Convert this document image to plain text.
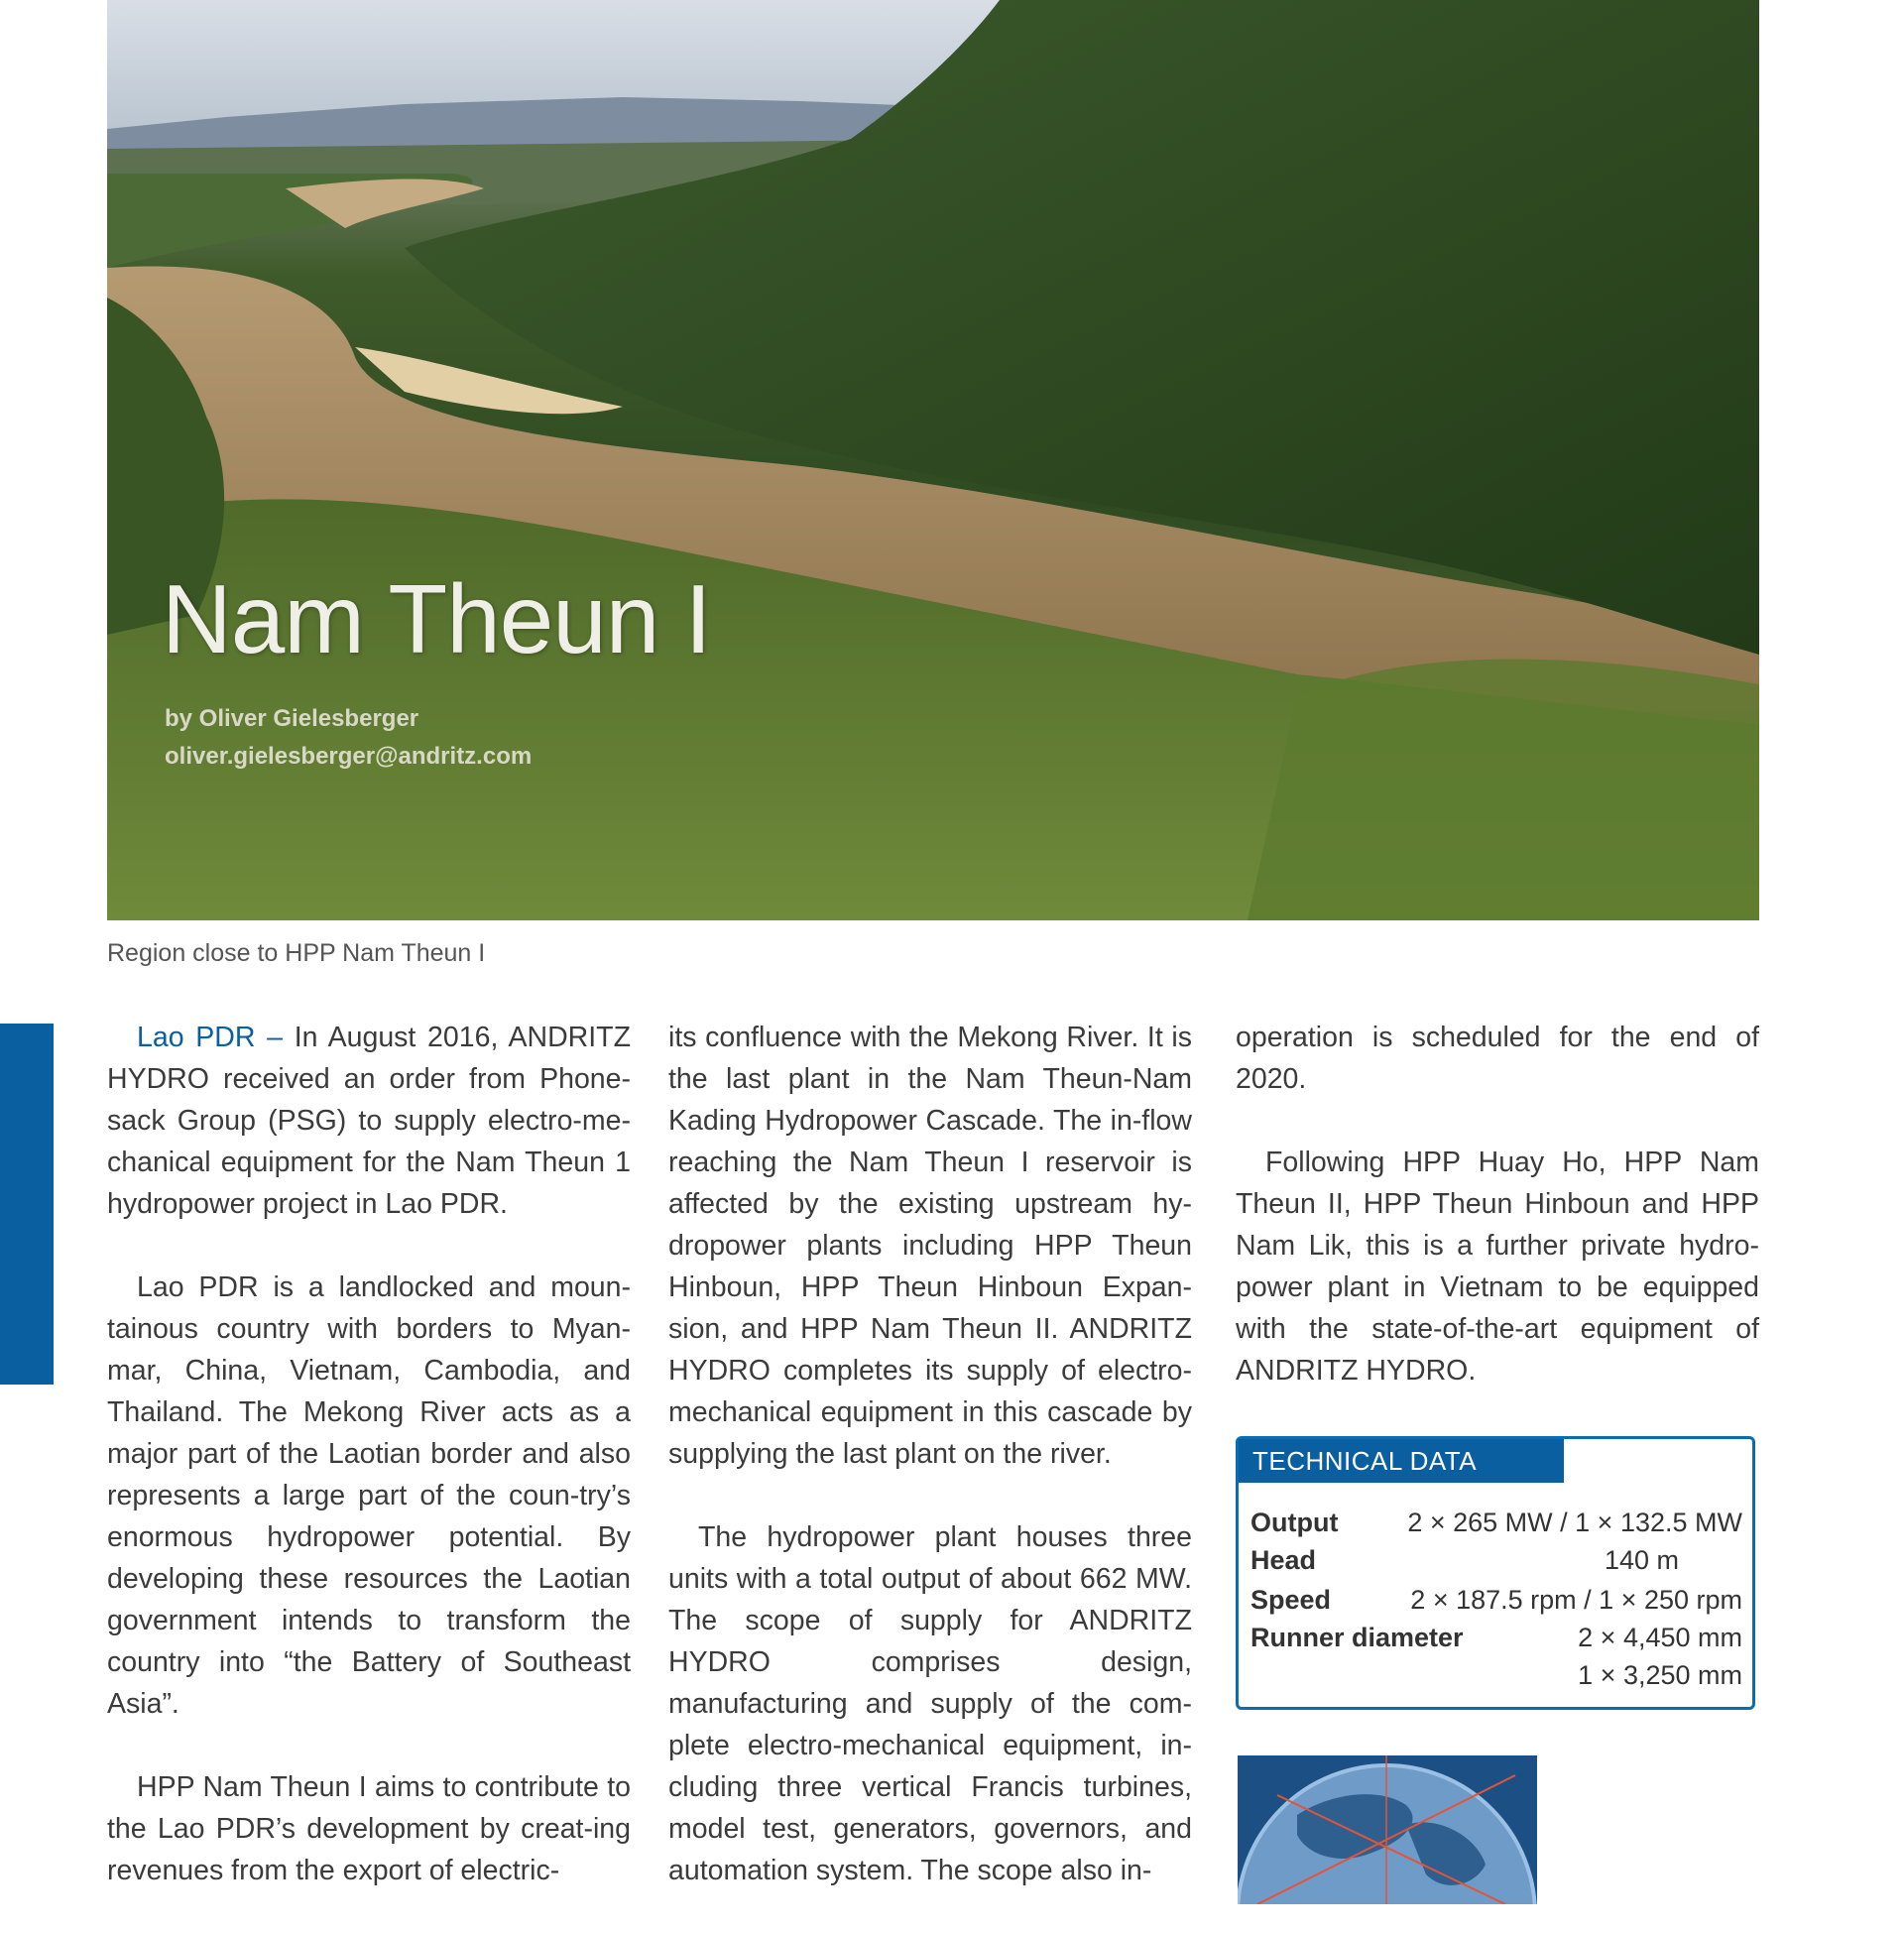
Nam Theun I
by Oliver Gielesberger
oliver.gielesberger@andritz.com
Region close to HPP Nam Theun I

Lao PDR – In August 2016, ANDRITZ HYDRO received an order from Phone-sack Group (PSG) to supply electro-me-chanical equipment for the Nam Theun 1 hydropower project in Lao PDR.

Lao PDR is a landlocked and moun-tainous country with borders to Myan-mar, China, Vietnam, Cambodia, and Thailand. The Mekong River acts as a major part of the Laotian border and also represents a large part of the coun-try’s enormous hydropower potential. By developing these resources the Laotian government intends to transform the country into “the Battery of Southeast Asia”.

HPP Nam Theun I aims to contribute to the Lao PDR’s development by creat-ing revenues from the export of electric-

its confluence with the Mekong River. It is the last plant in the Nam Theun-Nam Kading Hydropower Cascade. The in-flow reaching the Nam Theun I reservoir is affected by the existing upstream hy-dropower plants including HPP Theun Hinboun, HPP Theun Hinboun Expan-sion, and HPP Nam Theun II. ANDRITZ HYDRO completes its supply of electro-mechanical equipment in this cascade by supplying the last plant on the river.

The hydropower plant houses three units with a total output of about 662 MW. The scope of supply for ANDRITZ HYDRO comprises design, manufacturing and supply of the com-plete electro-mechanical equipment, in-cluding three vertical Francis turbines, model test, generators, governors, and automation system. The scope also in-

operation is scheduled for the end of 2020.

Following HPP Huay Ho, HPP Nam Theun II, HPP Theun Hinboun and HPP Nam Lik, this is a further private hydro-power plant in Vietnam to be equipped with the state-of-the-art equipment of ANDRITZ HYDRO.

TECHNICAL DATA
Output	2 × 265 MW / 1 × 132.5 MW
Head	140 m
Speed	2 × 187.5 rpm / 1 × 250 rpm
Runner diameter	2 × 4,450 mm
1 × 3,250 mm
